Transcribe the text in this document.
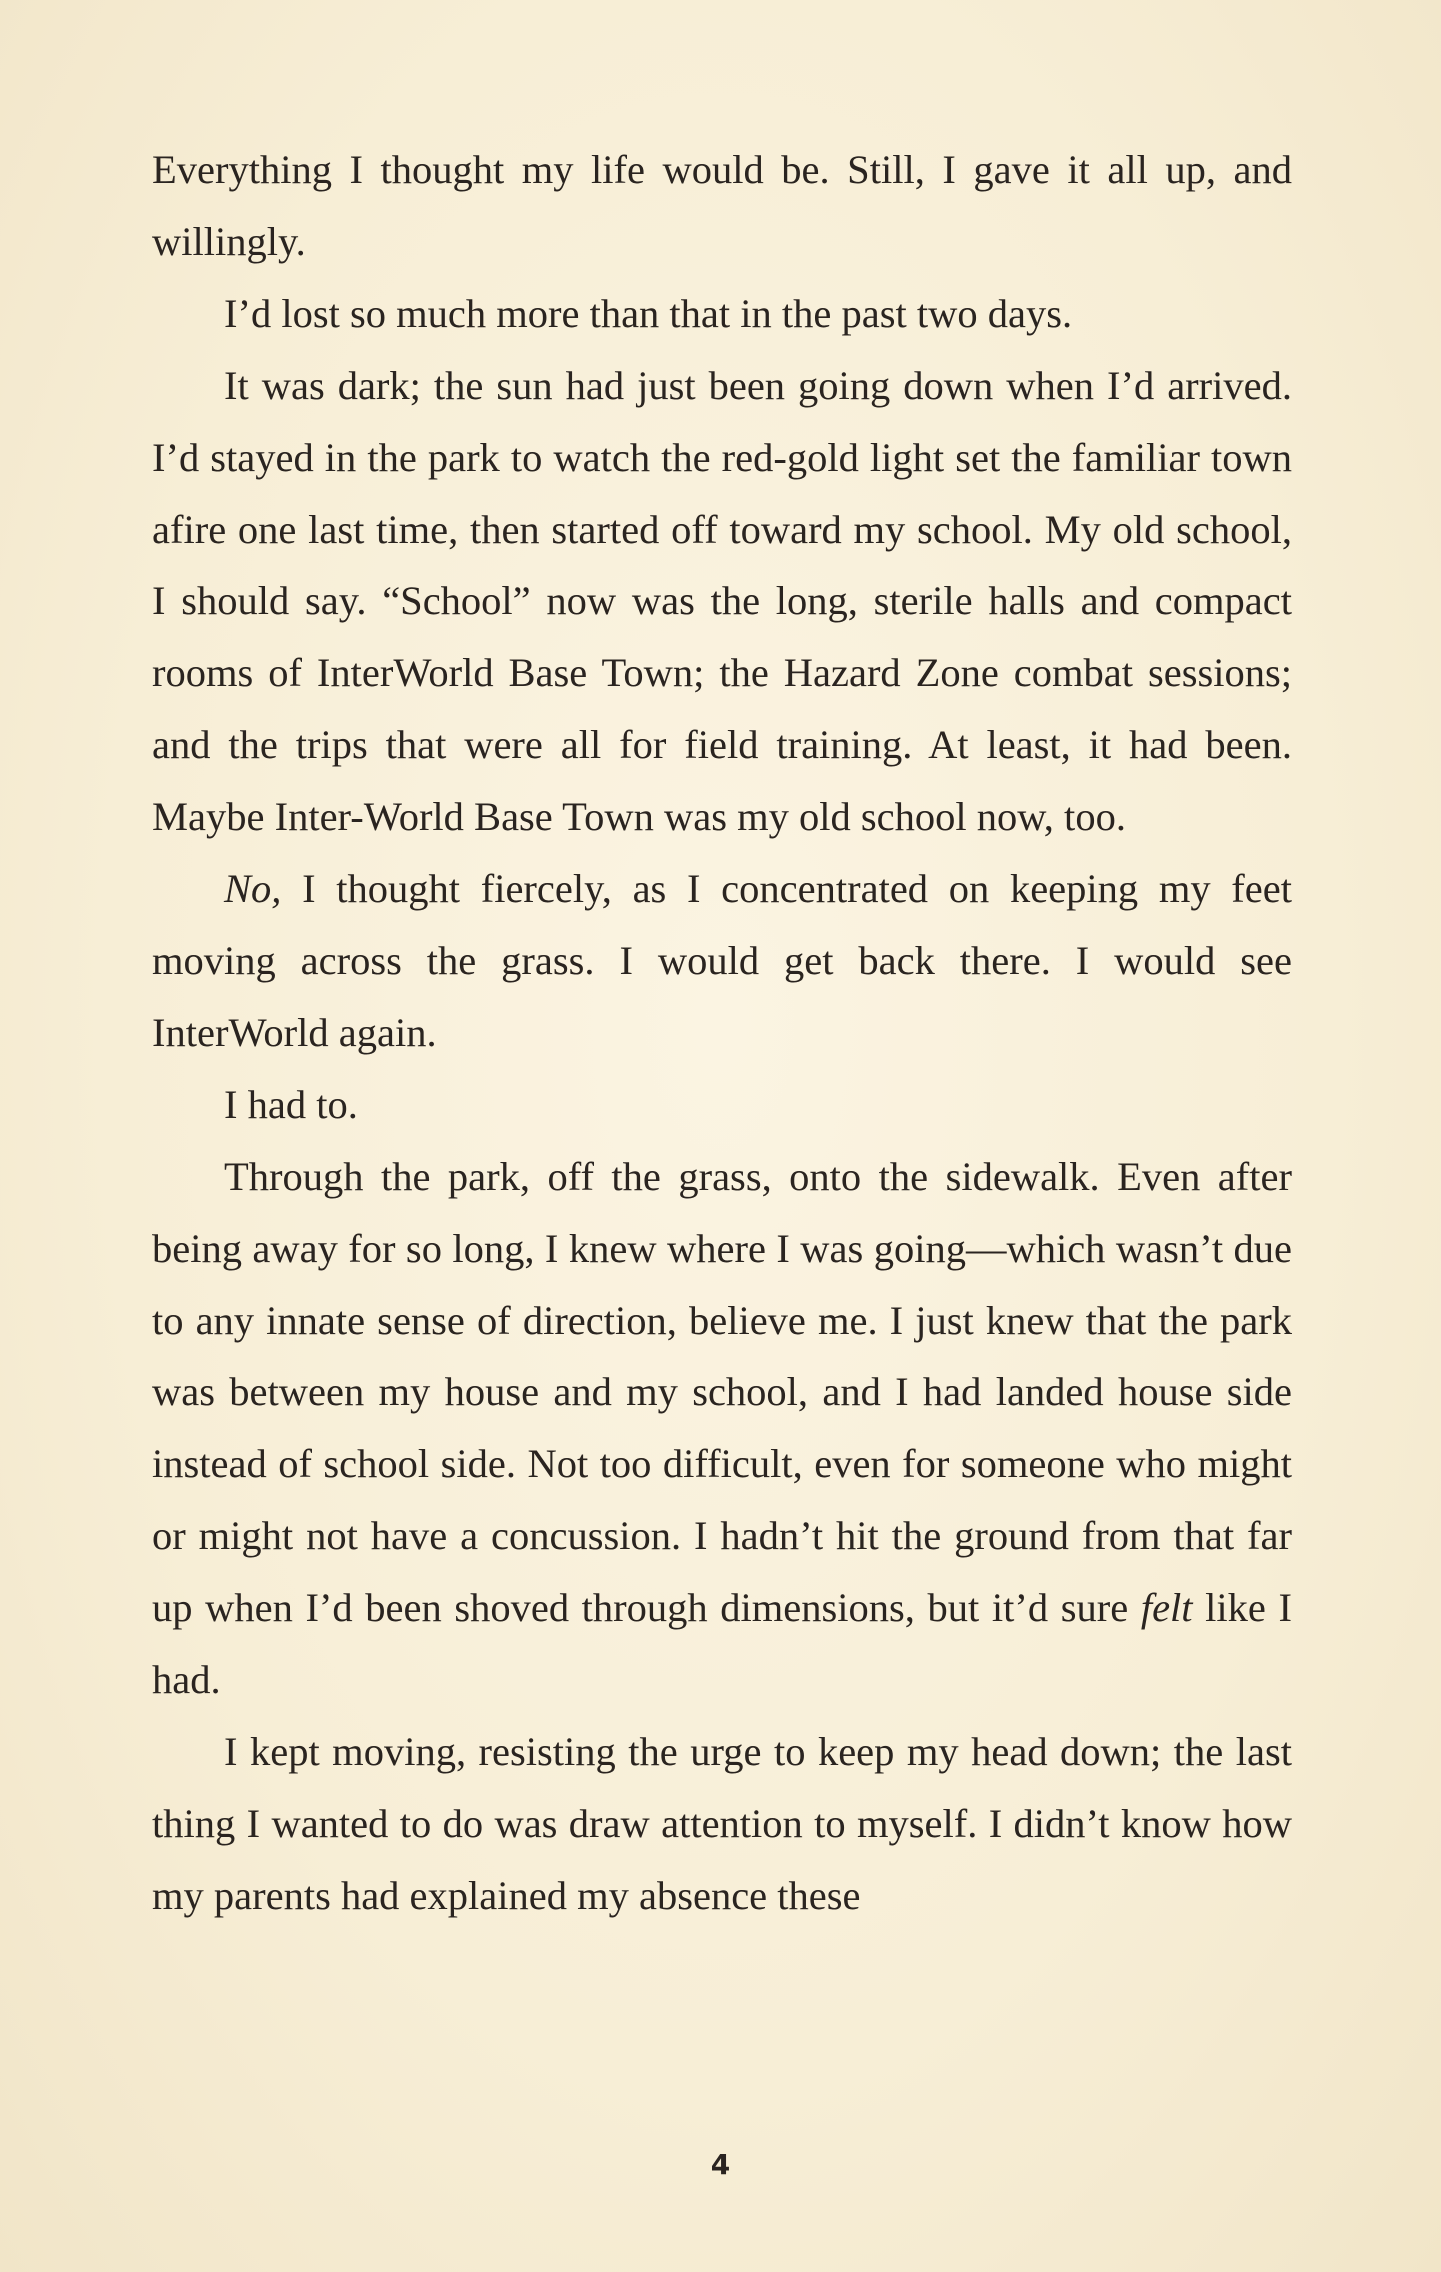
Everything I thought my life would be. Still, I gave it all up, and willingly.

I’d lost so much more than that in the past two days.

It was dark; the sun had just been going down when I’d arrived. I’d stayed in the park to watch the red-gold light set the familiar town afire one last time, then started off toward my school. My old school, I should say. “School” now was the long, sterile halls and compact rooms of InterWorld Base Town; the Hazard Zone combat sessions; and the trips that were all for field training. At least, it had been. Maybe Inter-World Base Town was my old school now, too.

No, I thought fiercely, as I concentrated on keeping my feet moving across the grass. I would get back there. I would see InterWorld again.

I had to.

Through the park, off the grass, onto the sidewalk. Even after being away for so long, I knew where I was going—which wasn’t due to any innate sense of direction, believe me. I just knew that the park was between my house and my school, and I had landed house side instead of school side. Not too difficult, even for someone who might or might not have a concussion. I hadn’t hit the ground from that far up when I’d been shoved through dimensions, but it’d sure felt like I had.

I kept moving, resisting the urge to keep my head down; the last thing I wanted to do was draw attention to myself. I didn’t know how my parents had explained my absence these

4
